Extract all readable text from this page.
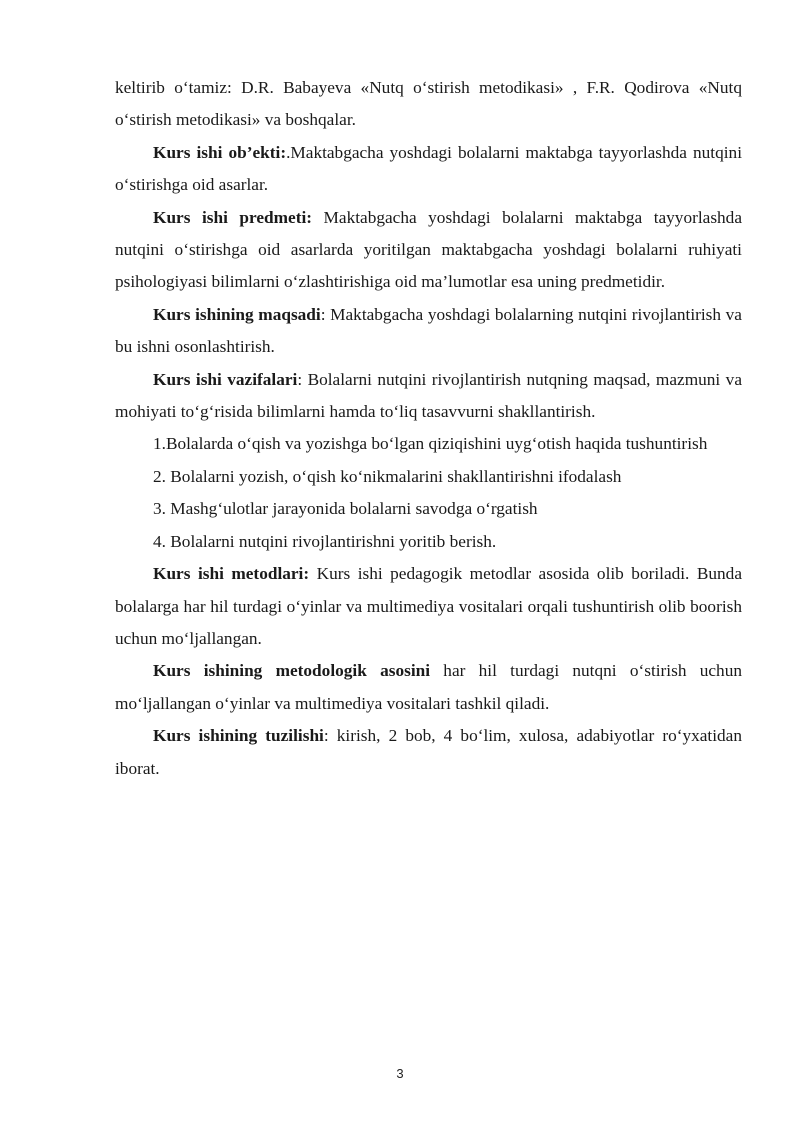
keltirib o‘tamiz: D.R. Babayeva «Nutq o‘stirish metodikasi» , F.R. Qodirova «Nutq o‘stirish metodikasi» va boshqalar.

Kurs ishi ob’ekti:.Maktabgacha yoshdagi bolalarni maktabga tayyorlashda nutqini o‘stirishga oid asarlar.

Kurs ishi predmeti: Maktabgacha yoshdagi bolalarni maktabga tayyorlashda nutqini o‘stirishga oid asarlarda yoritilgan maktabgacha yoshdagi bolalarni ruhiyati psihologiyasi bilimlarni o‘zlashtirishiga oid ma’lumotlar esa uning predmetidir.

Kurs ishining maqsadi: Maktabgacha yoshdagi bolalarning nutqini rivojlantirish va bu ishni osonlashtirish.

Kurs ishi vazifalari: Bolalarni nutqini rivojlantirish nutqning maqsad, mazmuni va mohiyati to‘g‘risida bilimlarni hamda to‘liq tasavvurni shakllantirish.

1.Bolalarda o‘qish va yozishga bo‘lgan qiziqishini uyg‘otish haqida tushuntirish

2. Bolalarni yozish, o‘qish ko‘nikmalarini shakllantirishni ifodalash

3. Mashg‘ulotlar jarayonida bolalarni savodga o‘rgatish

4. Bolalarni nutqini rivojlantirishni yoritib berish.

Kurs ishi metodlari: Kurs ishi pedagogik metodlar asosida olib boriladi. Bunda bolalarga har hil turdagi o‘yinlar va multimediya vositalari orqali tushuntirish olib boorish uchun mo‘ljallangan.

Kurs ishining metodologik asosini har hil turdagi nutqni o‘stirish uchun mo‘ljallangan o‘yinlar va multimediya vositalari tashkil qiladi.

Kurs ishining tuzilishi: kirish, 2 bob, 4 bo‘lim, xulosa, adabiyotlar ro‘yxatidan iborat.

3
